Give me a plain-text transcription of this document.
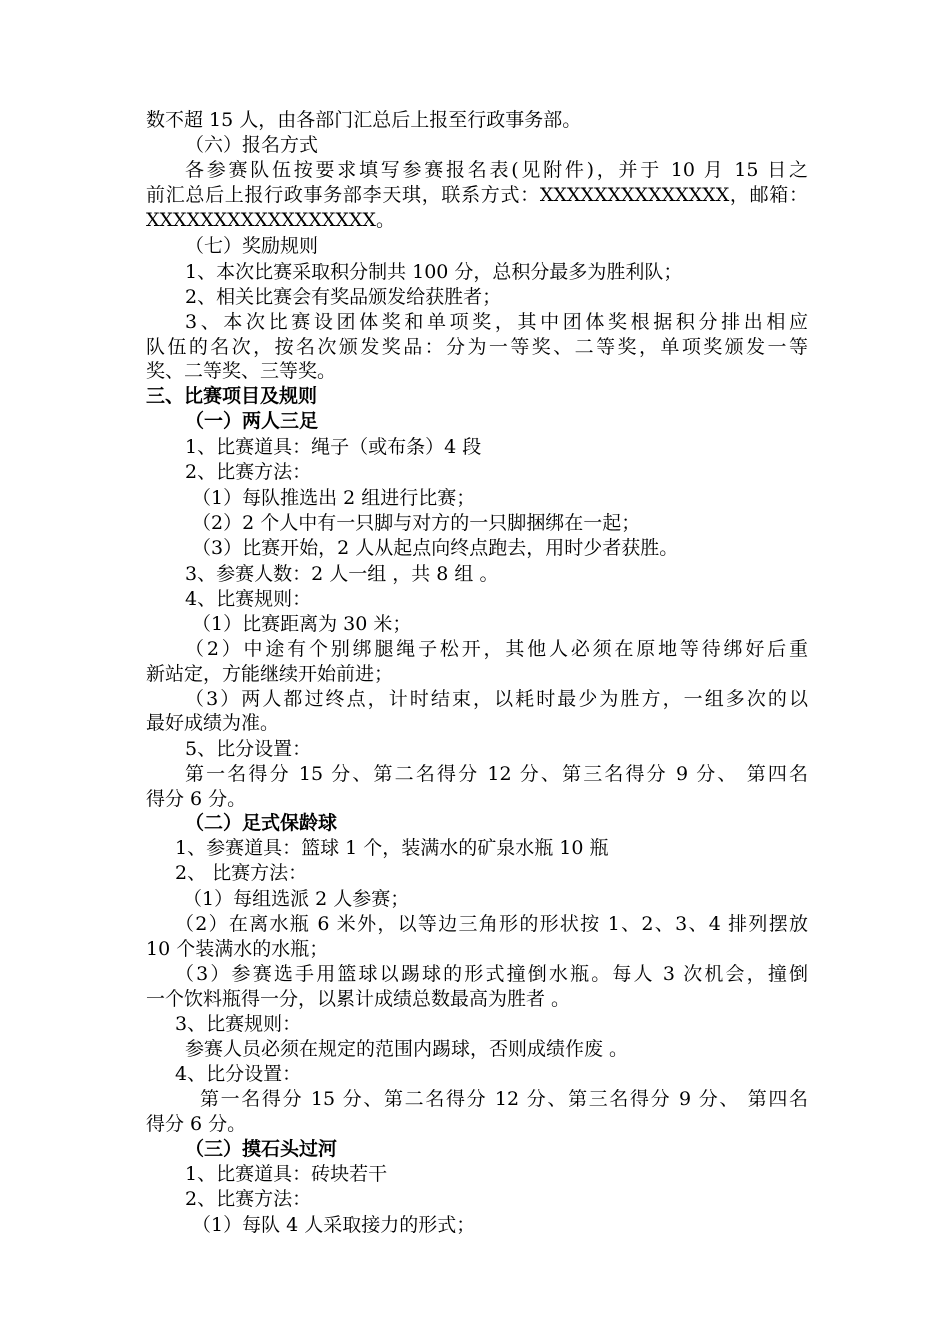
数不超 15 人，由各部门汇总后上报至行政事务部。

（六）报名方式

各参赛队伍按要求填写参赛报名表(见附件)，并于 10 月 15 日之

前汇总后上报行政事务部李天琪，联系方式：XXXXXXXXXXXXXX，邮箱：

XXXXXXXXXXXXXXXXX。

（七）奖励规则

1、本次比赛采取积分制共 100 分，总积分最多为胜利队；

2、相关比赛会有奖品颁发给获胜者；

3、本次比赛设团体奖和单项奖，其中团体奖根据积分排出相应

队伍的名次，按名次颁发奖品：分为一等奖、二等奖，单项奖颁发一等

奖、二等奖、三等奖。

三、比赛项目及规则

（一）两人三足

1、比赛道具：绳子（或布条）4 段

2、比赛方法：

（1）每队推选出 2 组进行比赛；

（2）2 个人中有一只脚与对方的一只脚捆绑在一起；

（3）比赛开始，2 人从起点向终点跑去，用时少者获胜。

3、参赛人数：2 人一组 ，共 8 组 。

4、比赛规则：

（1）比赛距离为 30 米；

（2）中途有个别绑腿绳子松开，其他人必须在原地等待绑好后重

新站定，方能继续开始前进；

（3）两人都过终点，计时结束，以耗时最少为胜方，一组多次的以

最好成绩为准。

5、比分设置：

第一名得分 15 分、第二名得分 12 分、第三名得分 9 分、 第四名

得分 6 分。

（二）足式保龄球

1、参赛道具：篮球 1 个，装满水的矿泉水瓶 10 瓶

2、 比赛方法：

（1）每组选派 2 人参赛；

（2）在离水瓶 6 米外，以等边三角形的形状按 1、2、3、4 排列摆放

10 个装满水的水瓶；

（3）参赛选手用篮球以踢球的形式撞倒水瓶。每人 3 次机会，撞倒

一个饮料瓶得一分，以累计成绩总数最高为胜者 。

3、比赛规则：

参赛人员必须在规定的范围内踢球，否则成绩作废 。

4、比分设置：

第一名得分 15 分、第二名得分 12 分、第三名得分 9 分、 第四名

得分 6 分。

（三）摸石头过河

1、比赛道具：砖块若干

2、比赛方法：

（1）每队 4 人采取接力的形式；
